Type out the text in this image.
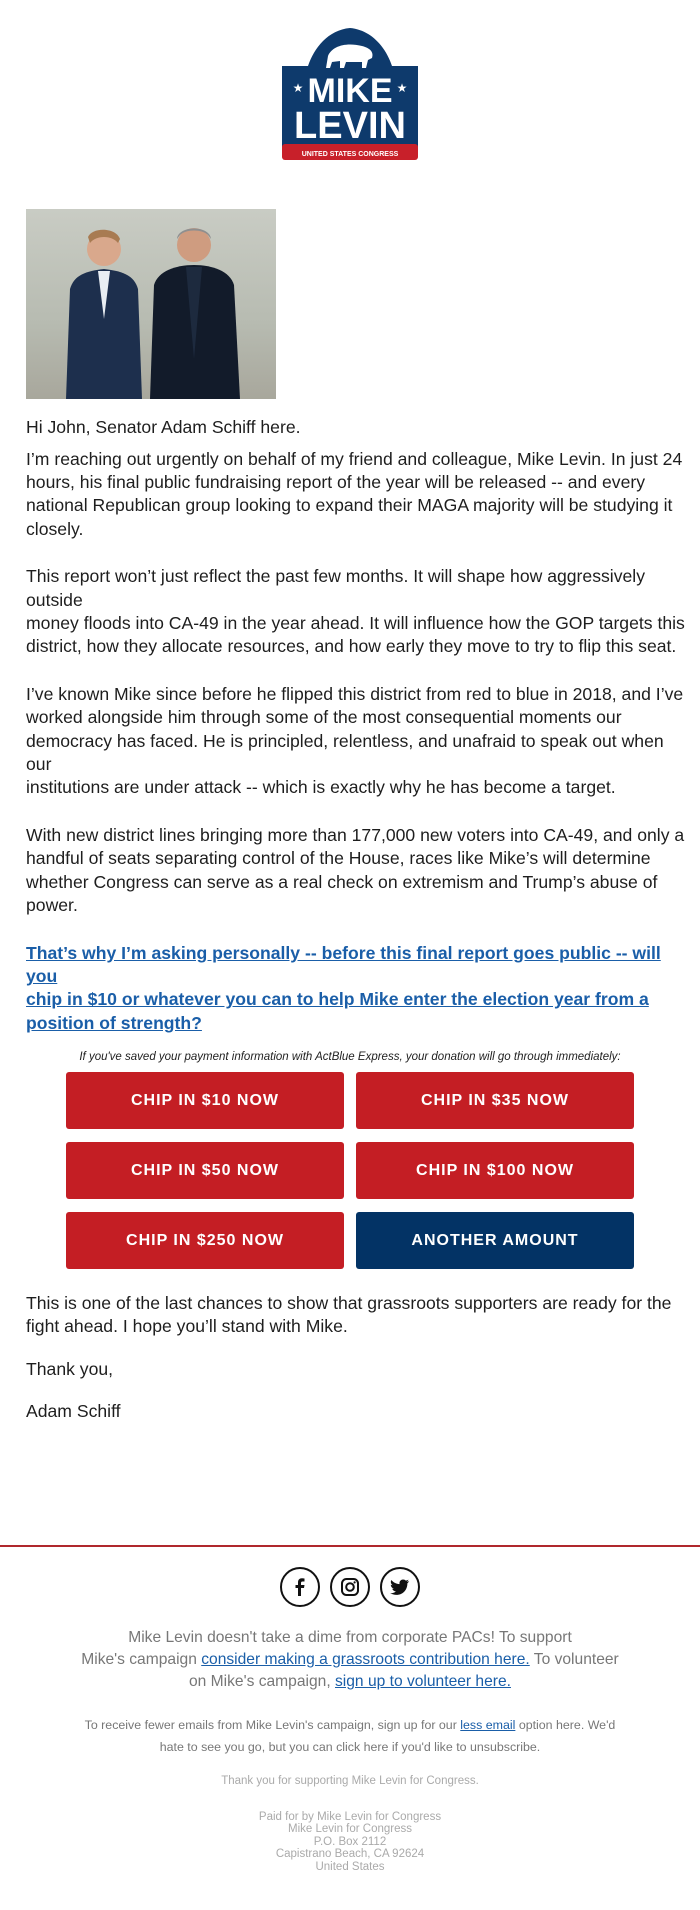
MIKE
LEVIN
★	★
UNITED STATES CONGRESS
Hi John, Senator Adam Schiff here.
I’m reaching out urgently on behalf of my friend and colleague, Mike Levin. In just 24
hours, his final public fundraising report of the year will be released -- and every
national Republican group looking to expand their MAGA majority will be studying it
closely.
This report won’t just reflect the past few months. It will shape how aggressively outside
money floods into CA-49 in the year ahead. It will influence how the GOP targets this
district, how they allocate resources, and how early they move to try to flip this seat.
I’ve known Mike since before he flipped this district from red to blue in 2018, and I’ve
worked alongside him through some of the most consequential moments our
democracy has faced. He is principled, relentless, and unafraid to speak out when our
institutions are under attack -- which is exactly why he has become a target.
With new district lines bringing more than 177,000 new voters into CA-49, and only a
handful of seats separating control of the House, races like Mike’s will determine
whether Congress can serve as a real check on extremism and Trump’s abuse of
power.
That’s why I’m asking personally -- before this final report goes public -- will you
chip in $10 or whatever you can to help Mike enter the election year from a
position of strength?
If you've saved your payment information with ActBlue Express, your donation will go through immediately:
CHIP IN $10 NOW	CHIP IN $35 NOW
CHIP IN $50 NOW	CHIP IN $100 NOW
CHIP IN $250 NOW	ANOTHER AMOUNT
This is one of the last chances to show that grassroots supporters are ready for the
fight ahead. I hope you’ll stand with Mike.
Thank you,
Adam Schiff
Mike Levin doesn't take a dime from corporate PACs! To support
Mike's campaign consider making a grassroots contribution here. To volunteer
on Mike's campaign, sign up to volunteer here.
To receive fewer emails from Mike Levin's campaign, sign up for our less email option here. We'd
hate to see you go, but you can click here if you'd like to unsubscribe.
Thank you for supporting Mike Levin for Congress.
Paid for by Mike Levin for Congress
Mike Levin for Congress
P.O. Box 2112
Capistrano Beach, CA 92624
United States
